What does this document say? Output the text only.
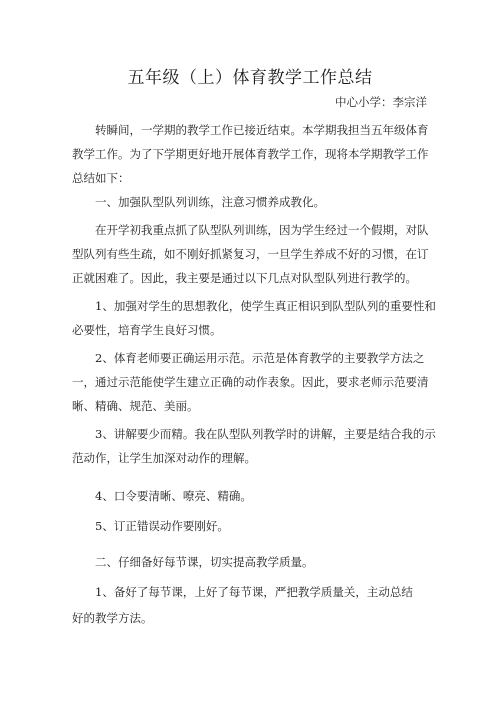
五年级（上）体育教学工作总结
中心小学：李宗洋

转瞬间，一学期的教学工作已接近结束。本学期我担当五年级体育教学工作。为了下学期更好地开展体育教学工作，现将本学期教学工作总结如下：

一、加强队型队列训练，注意习惯养成教化。

在开学初我重点抓了队型队列训练，因为学生经过一个假期，对队型队列有些生疏，如不刚好抓紧复习，一旦学生养成不好的习惯，在订正就困难了。因此，我主要是通过以下几点对队型队列进行教学的。

1、加强对学生的思想教化，使学生真正相识到队型队列的重要性和必要性，培育学生良好习惯。

2、体育老师要正确运用示范。示范是体育教学的主要教学方法之一，通过示范能使学生建立正确的动作表象。因此，要求老师示范要清晰、精确、规范、美丽。

3、讲解要少而精。我在队型队列教学时的讲解，主要是结合我的示范动作，让学生加深对动作的理解。

4、口令要清晰、嘹亮、精确。

5、订正错误动作要刚好。

二、仔细备好每节课，切实提高教学质量。

1、备好了每节课，上好了每节课，严把教学质量关，主动总结

好的教学方法。
